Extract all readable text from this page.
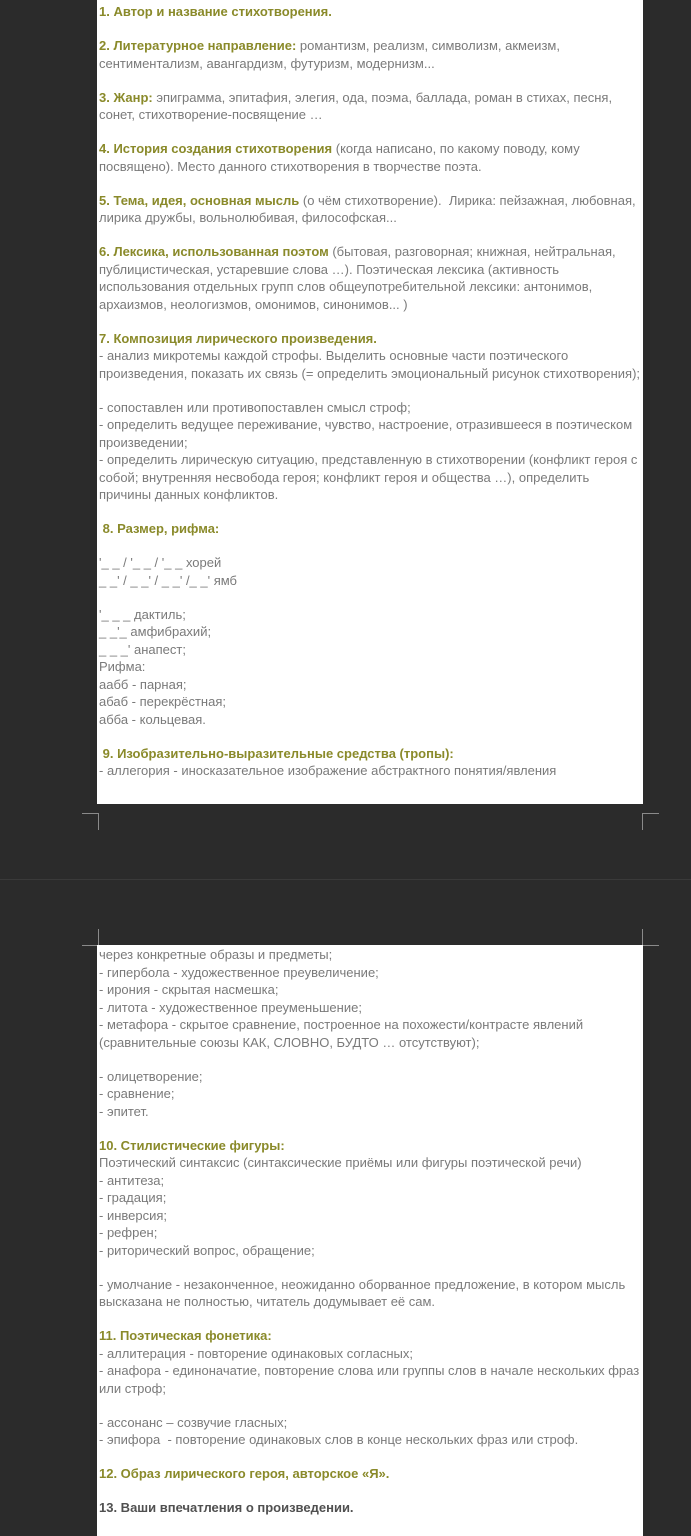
1. Автор и название стихотворения.

2. Литературное направление: романтизм, реализм, символизм, акмеизм, сентиментализм, авангардизм, футуризм, модернизм...

3. Жанр: эпиграмма, эпитафия, элегия, ода, поэма, баллада, роман в стихах, песня, сонет, стихотворение-посвящение …

4. История создания стихотворения (когда написано, по какому поводу, кому посвящено). Место данного стихотворения в творчестве поэта.

5. Тема, идея, основная мысль (о чём стихотворение).  Лирика: пейзажная, любовная, лирика дружбы, вольнолюбивая, философская...

6. Лексика, использованная поэтом (бытовая, разговорная; книжная, нейтральная, публицистическая, устаревшие слова …). Поэтическая лексика (активность использования отдельных групп слов общеупотребительной лексики: антонимов, архаизмов, неологизмов, омонимов, синонимов... )

7. Композиция лирического произведения.

- анализ микротемы каждой строфы. Выделить основные части поэтического произведения, показать их связь (= определить эмоциональный рисунок стихотворения);

- сопоставлен или противопоставлен смысл строф;

- определить ведущее переживание, чувство, настроение, отразившееся в поэтическом произведении;

- определить лирическую ситуацию, представленную в стихотворении (конфликт героя с собой; внутренняя несвобода героя; конфликт героя и общества …), определить причины данных конфликтов.

8. Размер, рифма:

'_ _ / '_ _ / '_ _ хорей

_ _' / _ _' / _ _' /_ _' ямб

'_ _ _ дактиль;

_ _'_ амфибрахий;

_ _ _' анапест;

Рифма:

аабб - парная;

абаб - перекрёстная;

абба - кольцевая.

9. Изобразительно-выразительные средства (тропы):

- аллегория - иносказательное изображение абстрактного понятия/явления

через конкретные образы и предметы;

- гипербола - художественное преувеличение;

- ирония - скрытая насмешка;

- литота - художественное преуменьшение;

- метафора - скрытое сравнение, построенное на похожести/контрасте явлений (сравнительные союзы КАК, СЛОВНО, БУДТО … отсутствуют);

- олицетворение;

- сравнение;

- эпитет.

10. Стилистические фигуры:

Поэтический синтаксис (синтаксические приёмы или фигуры поэтической речи)

- антитеза;

- градация;

- инверсия;

- рефрен;

- риторический вопрос, обращение;

- умолчание - незаконченное, неожиданно оборванное предложение, в котором мысль высказана не полностью, читатель додумывает её сам.

11. Поэтическая фонетика:

- аллитерация - повторение одинаковых согласных;

- анафора - единоначатие, повторение слова или группы слов в начале нескольких фраз или строф;

- ассонанс – созвучие гласных;

- эпифора  - повторение одинаковых слов в конце нескольких фраз или строф.

12. Образ лирического героя, авторское «Я».

13. Ваши впечатления о произведении.
